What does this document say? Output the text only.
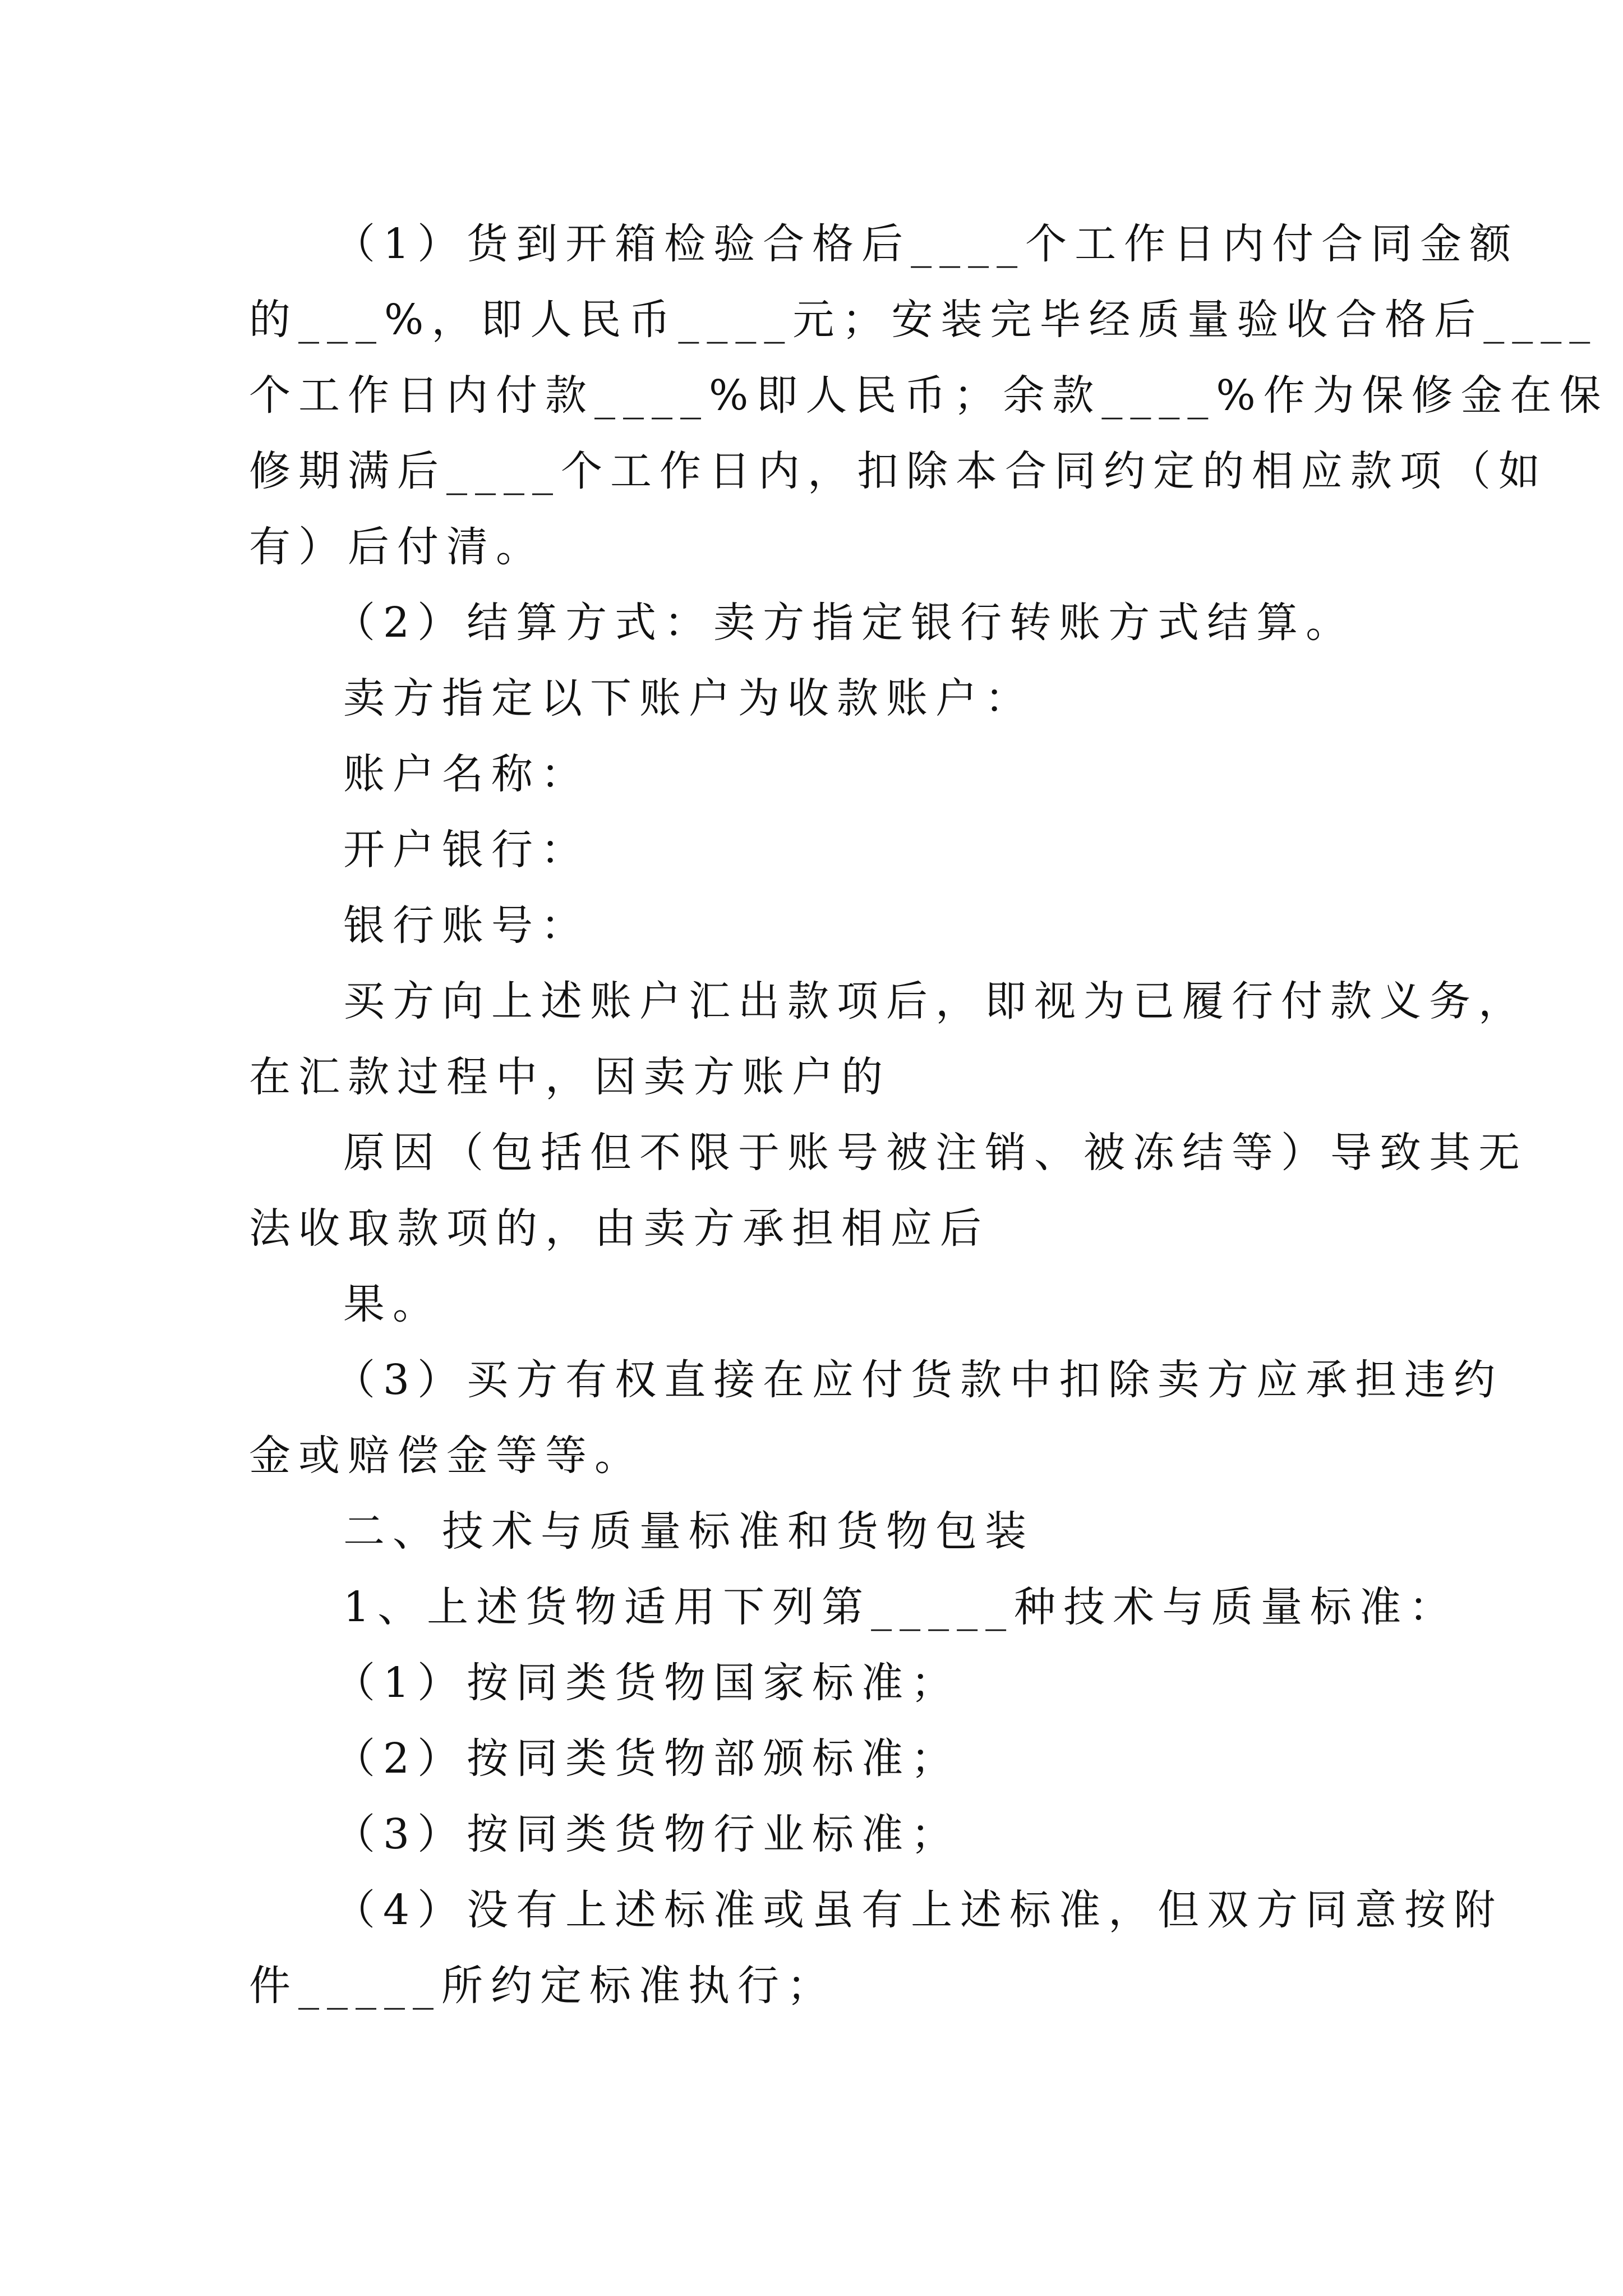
（1）货到开箱检验合格后____个工作日内付合同金额
的___%，即人民币____元；安装完毕经质量验收合格后____
个工作日内付款____%即人民币；余款____%作为保修金在保
修期满后____个工作日内，扣除本合同约定的相应款项（如
有）后付清。
（2）结算方式：卖方指定银行转账方式结算。
卖方指定以下账户为收款账户：
账户名称：
开户银行：
银行账号：
买方向上述账户汇出款项后，即视为已履行付款义务，
在汇款过程中，因卖方账户的
原因（包括但不限于账号被注销、被冻结等）导致其无
法收取款项的，由卖方承担相应后
果。
（3）买方有权直接在应付货款中扣除卖方应承担违约
金或赔偿金等等。
二、技术与质量标准和货物包装
1、上述货物适用下列第_____种技术与质量标准：
（1）按同类货物国家标准；
（2）按同类货物部颁标准；
（3）按同类货物行业标准；
（4）没有上述标准或虽有上述标准，但双方同意按附
件_____所约定标准执行；
